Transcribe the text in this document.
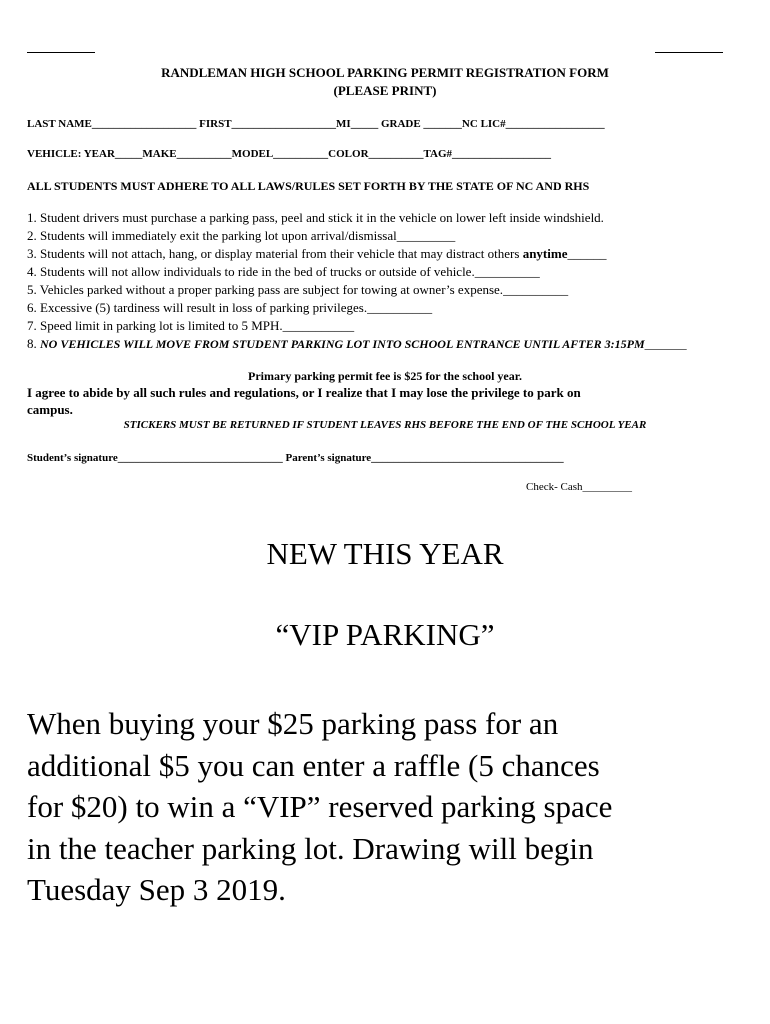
RANDLEMAN HIGH SCHOOL PARKING PERMIT REGISTRATION FORM
(PLEASE PRINT)
LAST NAME___________________ FIRST___________________MI_____ GRADE _______NC LIC#__________________
VEHICLE: YEAR_____MAKE__________MODEL__________COLOR__________TAG#__________________
ALL STUDENTS MUST ADHERE TO ALL LAWS/RULES SET FORTH BY THE STATE OF NC AND RHS
1. Student drivers must purchase a parking pass, peel and stick it in the vehicle on lower left inside windshield.
2. Students will immediately exit the parking lot upon arrival/dismissal_________
3. Students will not attach, hang, or display material from their vehicle that may distract others anytime______
4. Students will not allow individuals to ride in the bed of trucks or outside of vehicle.__________
5. Vehicles parked without a proper parking pass are subject for towing at owner’s expense.__________
6. Excessive (5) tardiness will result in loss of parking privileges.__________
7. Speed limit in parking lot is limited to 5 MPH.___________
8. NO VEHICLES WILL MOVE FROM STUDENT PARKING LOT INTO SCHOOL ENTRANCE UNTIL AFTER 3:15PM_______
Primary parking permit fee is $25 for the school year.
I agree to abide by all such rules and regulations, or I realize that I may lose the privilege to park on
campus.
STICKERS MUST BE RETURNED IF STUDENT LEAVES RHS BEFORE THE END OF THE SCHOOL YEAR
Student’s signature______________________________ Parent’s signature___________________________________
Check- Cash_________
NEW THIS YEAR
“VIP PARKING”
When buying your $25 parking pass for an
additional $5 you can enter a raffle (5 chances
for $20) to win a “VIP” reserved parking space
in the teacher parking lot. Drawing will begin
Tuesday Sep 3 2019.
